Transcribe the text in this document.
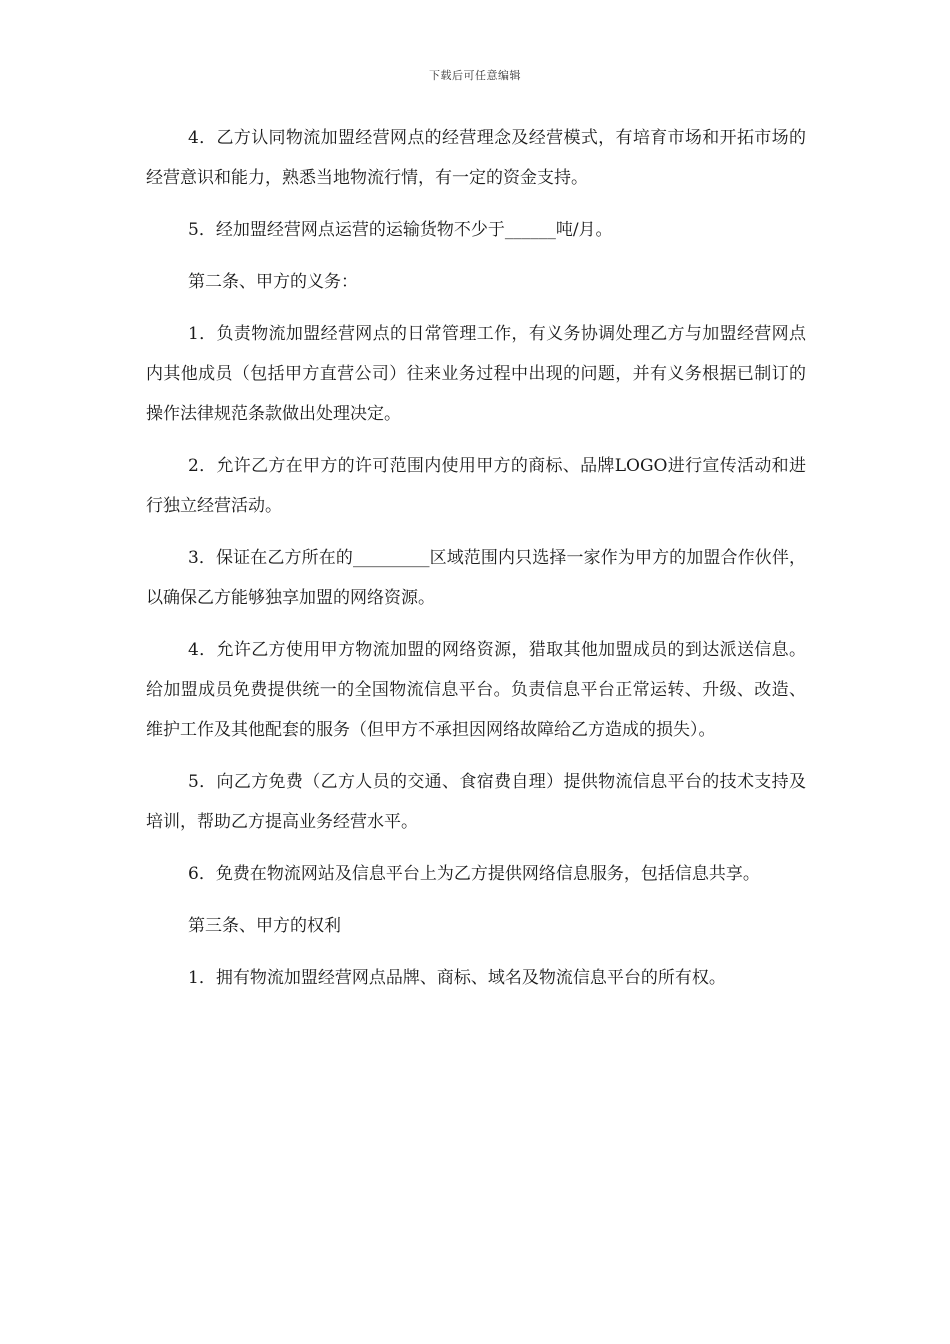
下载后可任意编辑

4．乙方认同物流加盟经营网点的经营理念及经营模式，有培育市场和开拓市场的经营意识和能力，熟悉当地物流行情，有一定的资金支持。

5．经加盟经营网点运营的运输货物不少于______吨/月。

第二条、甲方的义务：

1．负责物流加盟经营网点的日常管理工作，有义务协调处理乙方与加盟经营网点内其他成员（包括甲方直营公司）往来业务过程中出现的问题，并有义务根据已制订的操作法律规范条款做出处理决定。

2．允许乙方在甲方的许可范围内使用甲方的商标、品牌LOGO进行宣传活动和进行独立经营活动。

3．保证在乙方所在的_________区域范围内只选择一家作为甲方的加盟合作伙伴，以确保乙方能够独享加盟的网络资源。

4．允许乙方使用甲方物流加盟的网络资源，猎取其他加盟成员的到达派送信息。给加盟成员免费提供统一的全国物流信息平台。负责信息平台正常运转、升级、改造、维护工作及其他配套的服务（但甲方不承担因网络故障给乙方造成的损失）。

5．向乙方免费（乙方人员的交通、食宿费自理）提供物流信息平台的技术支持及培训，帮助乙方提高业务经营水平。

6．免费在物流网站及信息平台上为乙方提供网络信息服务，包括信息共享。

第三条、甲方的权利

1．拥有物流加盟经营网点品牌、商标、域名及物流信息平台的所有权。
